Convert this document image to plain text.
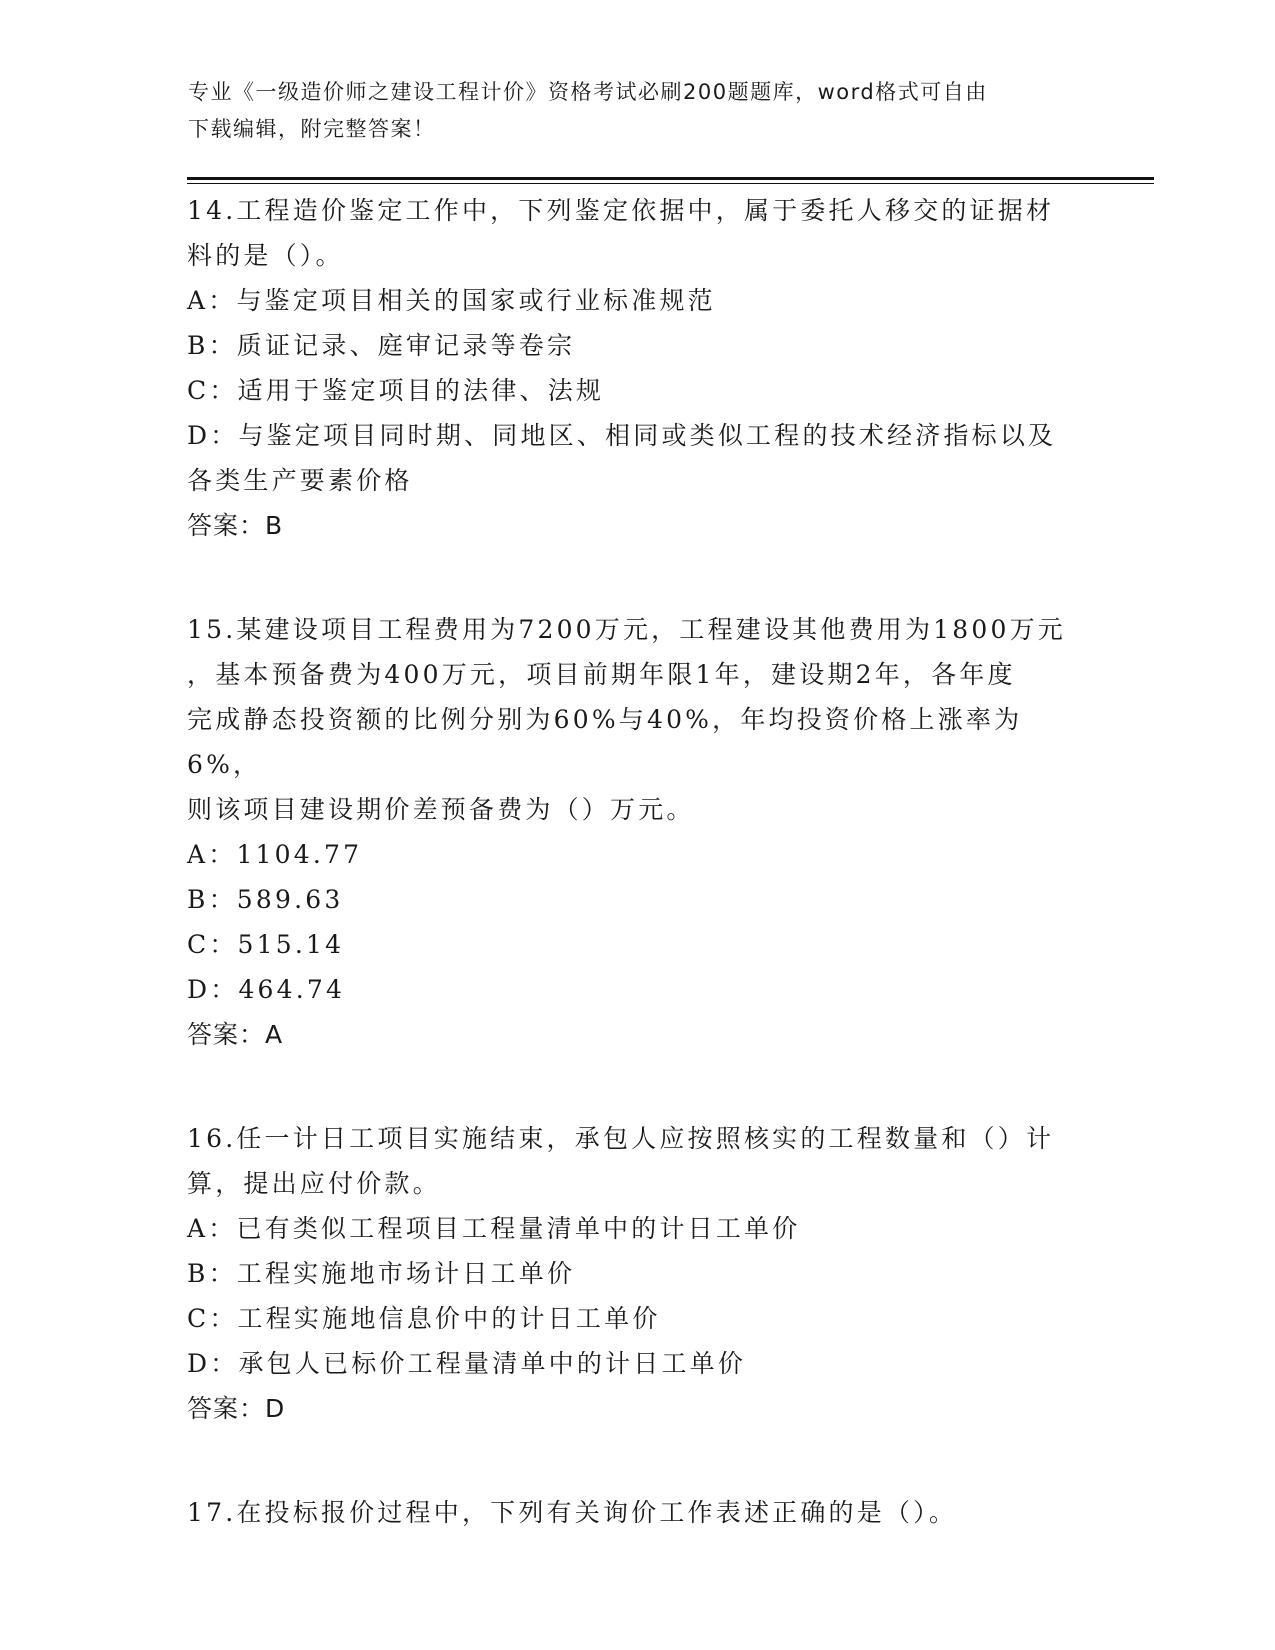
专业《一级造价师之建设工程计价》资格考试必刷200题题库，word格式可自由
下载编辑，附完整答案！
14.工程造价鉴定工作中，下列鉴定依据中，属于委托人移交的证据材
料的是（）。
A：与鉴定项目相关的国家或行业标准规范
B：质证记录、庭审记录等卷宗
C：适用于鉴定项目的法律、法规
D：与鉴定项目同时期、同地区、相同或类似工程的技术经济指标以及
各类生产要素价格
答案：B
15.某建设项目工程费用为7200万元，工程建设其他费用为1800万元
，基本预备费为400万元，项目前期年限1年，建设期2年，各年度
完成静态投资额的比例分别为60%与40%，年均投资价格上涨率为6%，
则该项目建设期价差预备费为（）万元。
A：1104.77
B：589.63
C：515.14
D：464.74
答案：A
16.任一计日工项目实施结束，承包人应按照核实的工程数量和（）计
算，提出应付价款。
A：已有类似工程项目工程量清单中的计日工单价
B：工程实施地市场计日工单价
C：工程实施地信息价中的计日工单价
D：承包人已标价工程量清单中的计日工单价
答案：D
17.在投标报价过程中，下列有关询价工作表述正确的是（）。
